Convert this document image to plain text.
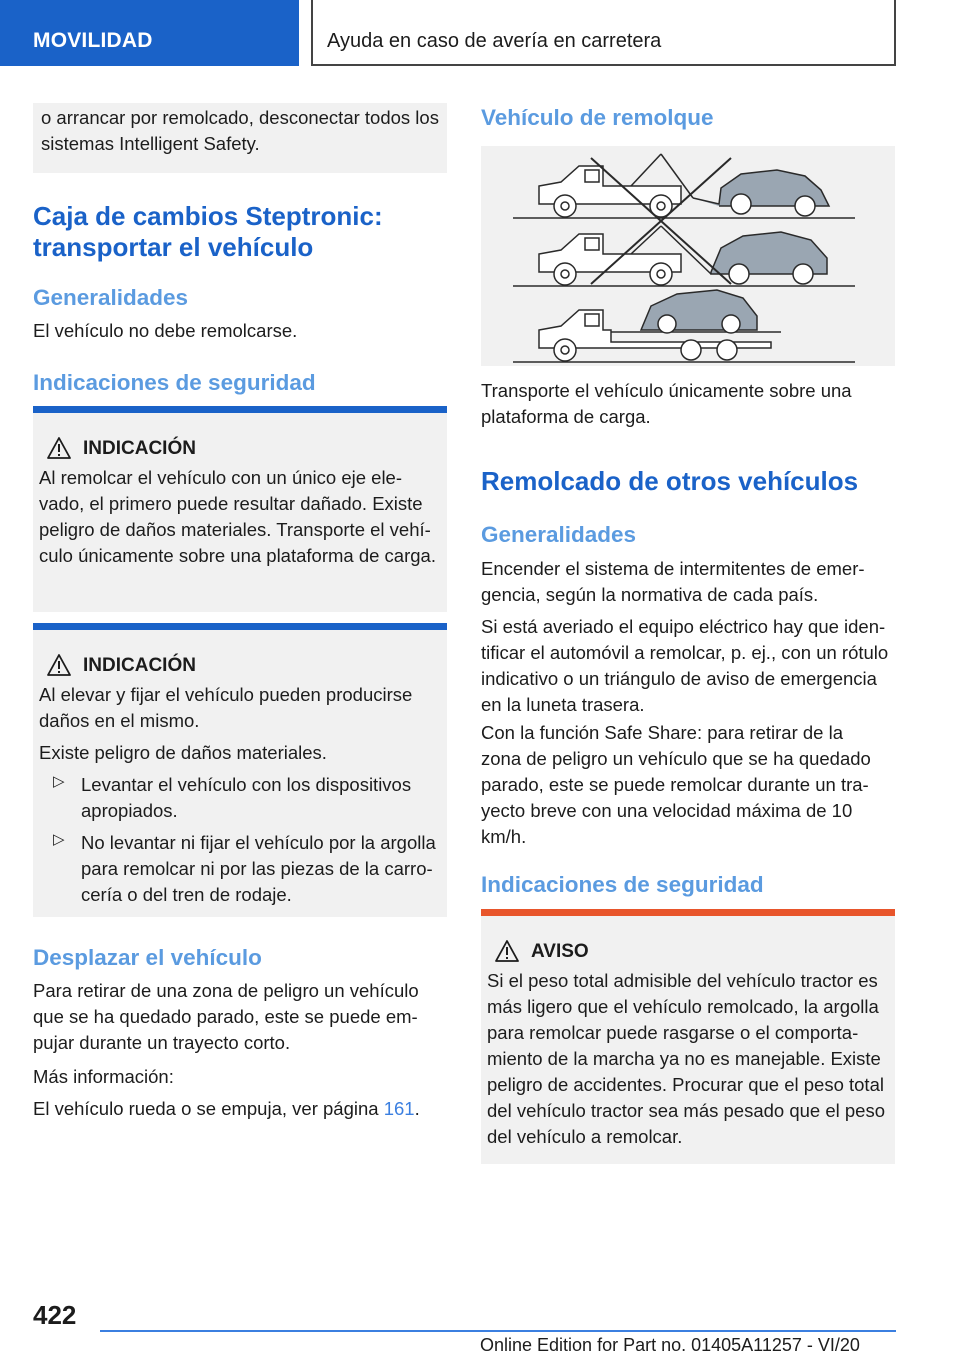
MOVILIDAD	Ayuda en caso de avería en carretera

o arrancar por remolcado, desconectar todos los sistemas Intelligent Safety.

Caja de cambios Steptronic: transportar el vehículo
Generalidades

El vehículo no debe remolcarse.

Indicaciones de seguridad
INDICACIÓN

Al remolcar el vehículo con un único eje elevado, el primero puede resultar dañado. Existe peligro de daños materiales. Transporte el vehículo únicamente sobre una plataforma de carga.

INDICACIÓN

Al elevar y fijar el vehículo pueden producirse daños en el mismo.

Existe peligro de daños materiales.

▷ Levantar el vehículo con los dispositivos apropiados.

▷ No levantar ni fijar el vehículo por la argolla para remolcar ni por las piezas de la carrocería o del tren de rodaje.

Desplazar el vehículo

Para retirar de una zona de peligro un vehículo que se ha quedado parado, este se puede empujar durante un trayecto corto.

Más información:

El vehículo rueda o se empuja, ver página 161.

Vehículo de remolque

Transporte el vehículo únicamente sobre una plataforma de carga.

Remolcado de otros vehículos
Generalidades

Encender el sistema de intermitentes de emergencia, según la normativa de cada país.

Si está averiado el equipo eléctrico hay que identificar el automóvil a remolcar, p. ej., con un rótulo indicativo o un triángulo de aviso de emergencia en la luneta trasera.

Con la función Safe Share: para retirar de la zona de peligro un vehículo que se ha quedado parado, este se puede remolcar durante un trayecto breve con una velocidad máxima de 10 km/h.

Indicaciones de seguridad
AVISO

Si el peso total admisible del vehículo tractor es más ligero que el vehículo remolcado, la argolla para remolcar puede rasgarse o el comportamiento de la marcha ya no es manejable. Existe peligro de accidentes. Procurar que el peso total del vehículo tractor sea más pesado que el peso del vehículo a remolcar.

422
Online Edition for Part no. 01405A11257 - VI/20
